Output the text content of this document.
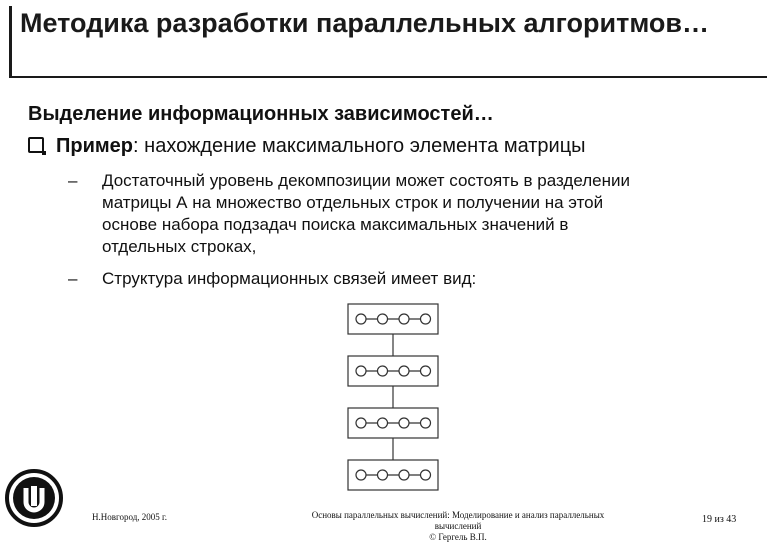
Методика разработки параллельных алгоритмов…
Выделение информационных зависимостей…
Пример: нахождение максимального элемента матрицы
–	Достаточный уровень декомпозиции может состоять в разделении
матрицы А на множество отдельных строк и получении на этой
основе набора подзадач поиска максимальных значений в
отдельных строках,
–	Структура информационных связей имеет вид:
Н.Новгород, 2005 г.	Основы параллельных вычислений: Моделирование и анализ параллельных
вычислений
© Гергель В.П.
19 из 43
